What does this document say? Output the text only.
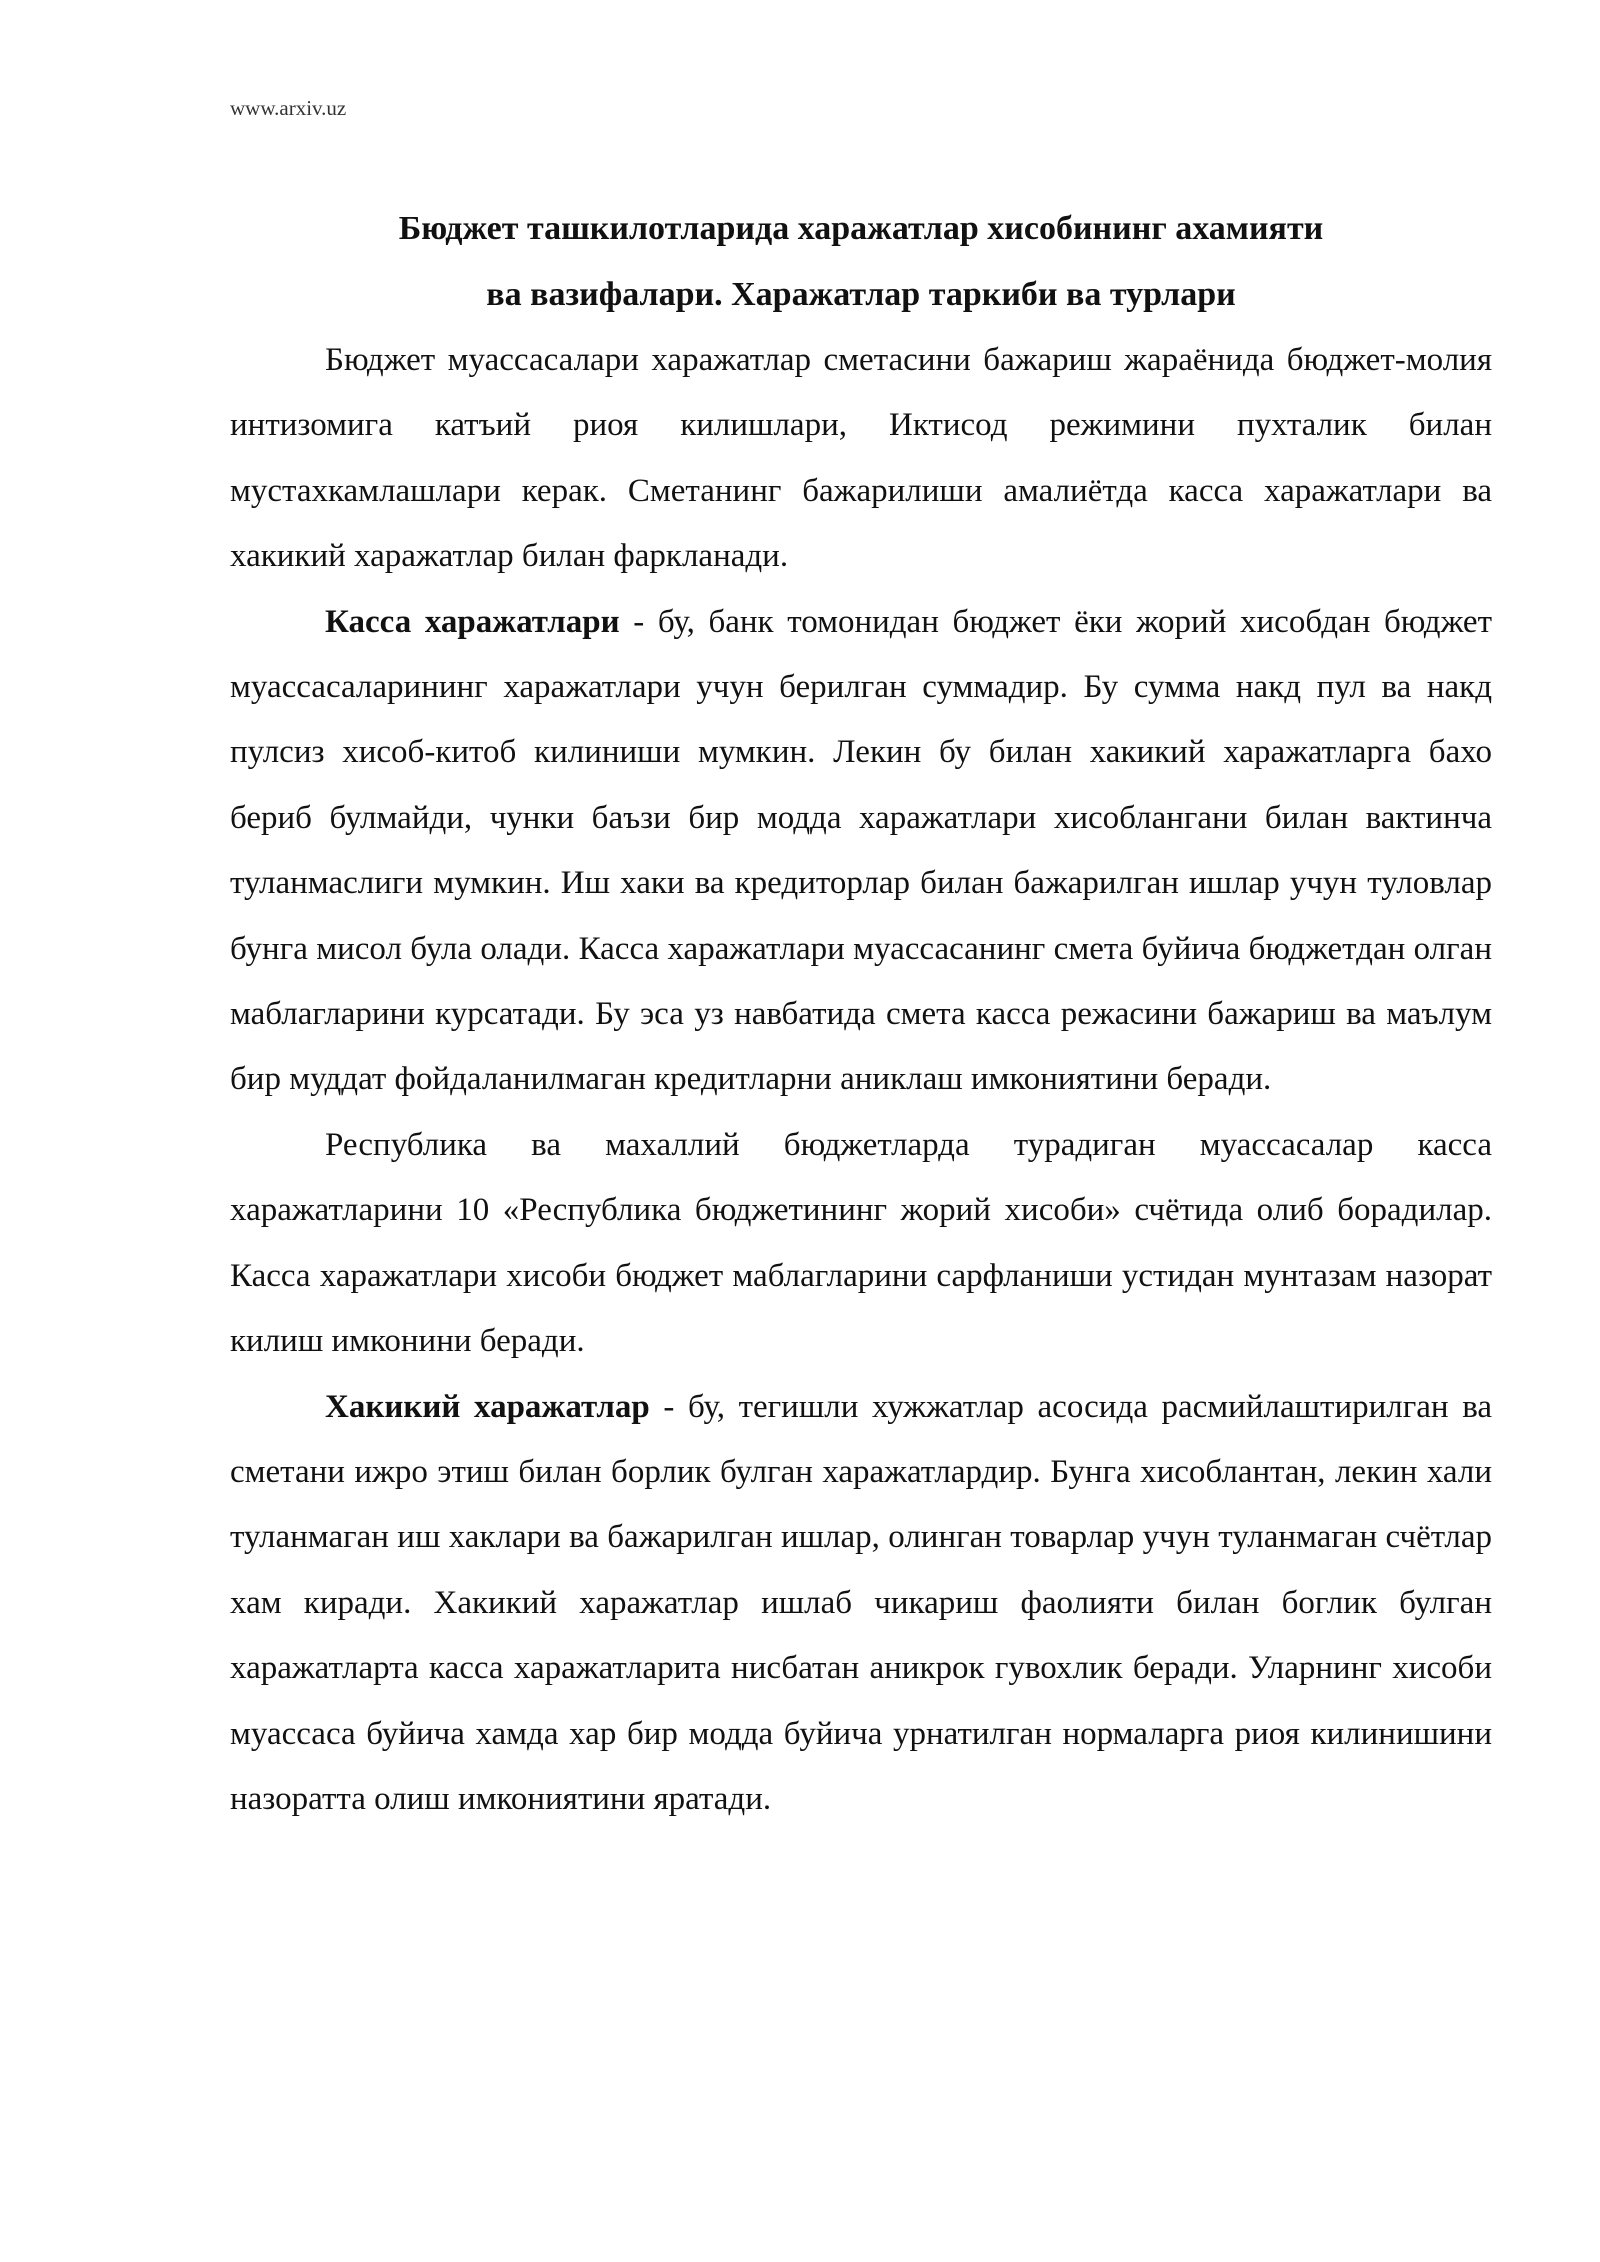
www.arxiv.uz
Бюджет ташкилотларида харажатлар хисобининг ахамияти
ва вазифалари. Харажатлар таркиби ва турлари

Бюджет муассасалари харажатлар сметасини бажариш жараёнида бюджет-молия интизомига катъий риоя килишлари, Иктисод режимини пухталик билан мустахкамлашлари керак. Сметанинг бажарилиши амалиётда касса харажатлари ва хакикий харажатлар билан фаркланади.

Касса харажатлари - бу, банк томонидан бюджет ёки жорий хисобдан бюджет муассасаларининг харажатлари учун берилган суммадир. Бу сумма накд пул ва накд пулсиз хисоб-китоб килиниши мумкин. Лекин бу билан хакикий харажатларга бахо бериб булмайди, чунки баъзи бир модда харажатлари хисоблангани билан вактинча туланмаслиги мумкин. Иш хаки ва кредиторлар билан бажарилган ишлар учун туловлар бунга мисол була олади. Касса харажатлари муассасанинг смета буйича бюджетдан олган маблагларини курсатади. Бу эса уз навбатида смета касса режасини бажариш ва маълум бир муддат фойдаланилмаган кредитларни аниклаш имкониятини беради.

Республика ва махаллий бюджетларда турадиган муассасалар касса харажатларини 10 «Республика бюджетининг жорий хисоби» счётида олиб борадилар. Касса харажатлари хисоби бюджет маблагларини сарфланиши устидан мунтазам назорат килиш имконини беради.

Хакикий харажатлар - бу, тегишли хужжатлар асосида расмийлаштирилган ва сметани ижро этиш билан борлик булган харажатлардир. Бунга хисоблантан, лекин хали туланмаган иш хаклари ва бажарилган ишлар, олинган товарлар учун туланмаган счётлар хам киради. Хакикий харажатлар ишлаб чикариш фаолияти билан боглик булган харажатларта касса харажатларита нисбатан аникрок гувохлик беради. Уларнинг хисоби муассаса буйича хамда хар бир модда буйича урнатилган нормаларга риоя килинишини назоратта олиш имкониятини яратади.
